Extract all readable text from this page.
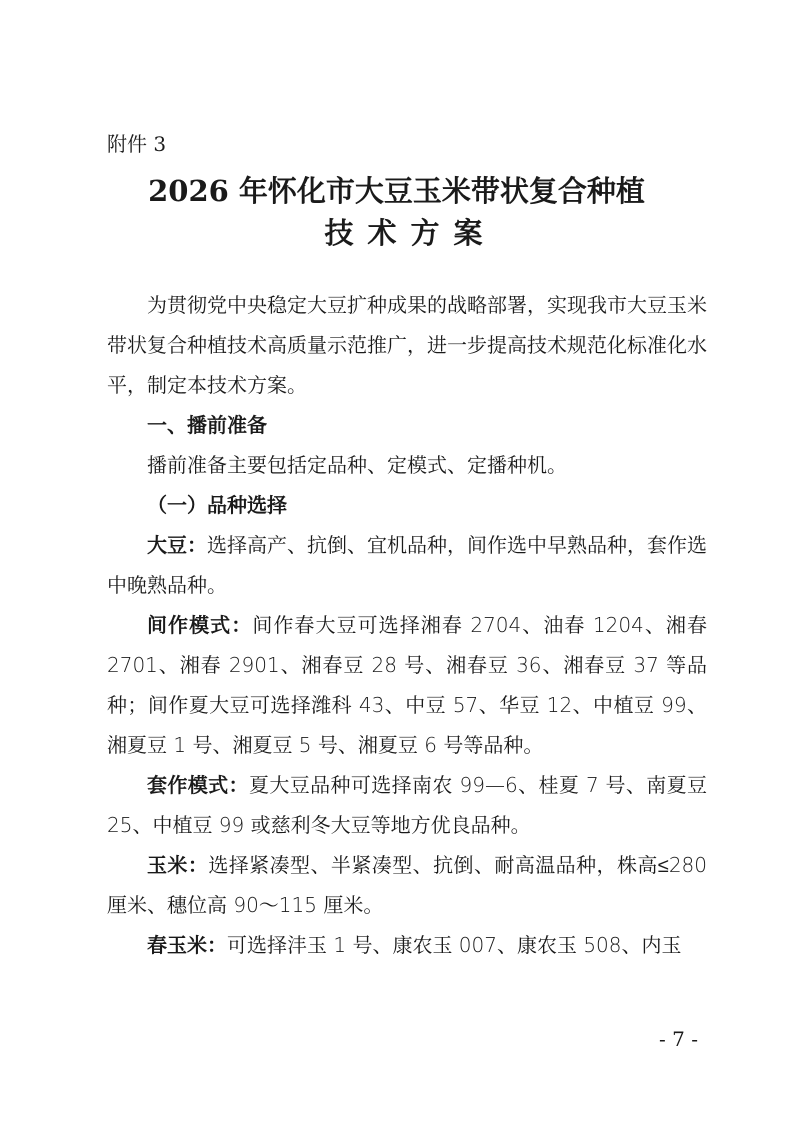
附件 3
2026 年怀化市大豆玉米带状复合种植
技术方案

为贯彻党中央稳定大豆扩种成果的战略部署，实现我市大豆玉米带状复合种植技术高质量示范推广，进一步提高技术规范化标准化水平，制定本技术方案。

一、播前准备

播前准备主要包括定品种、定模式、定播种机。

（一）品种选择

大豆：选择高产、抗倒、宜机品种，间作选中早熟品种，套作选中晚熟品种。

间作模式：间作春大豆可选择湘春 2704、油春 1204、湘春 2701、湘春 2901、湘春豆 28 号、湘春豆 36、湘春豆 37 等品种；间作夏大豆可选择潍科 43、中豆 57、华豆 12、中植豆 99、湘夏豆 1 号、湘夏豆 5 号、湘夏豆 6 号等品种。

套作模式：夏大豆品种可选择南农 99—6、桂夏 7 号、南夏豆 25、中植豆 99 或慈利冬大豆等地方优良品种。

玉米：选择紧凑型、半紧凑型、抗倒、耐高温品种，株高≤280 厘米、穗位高 90～115 厘米。

春玉米：可选择沣玉 1 号、康农玉 007、康农玉 508、内玉

- 7 -
